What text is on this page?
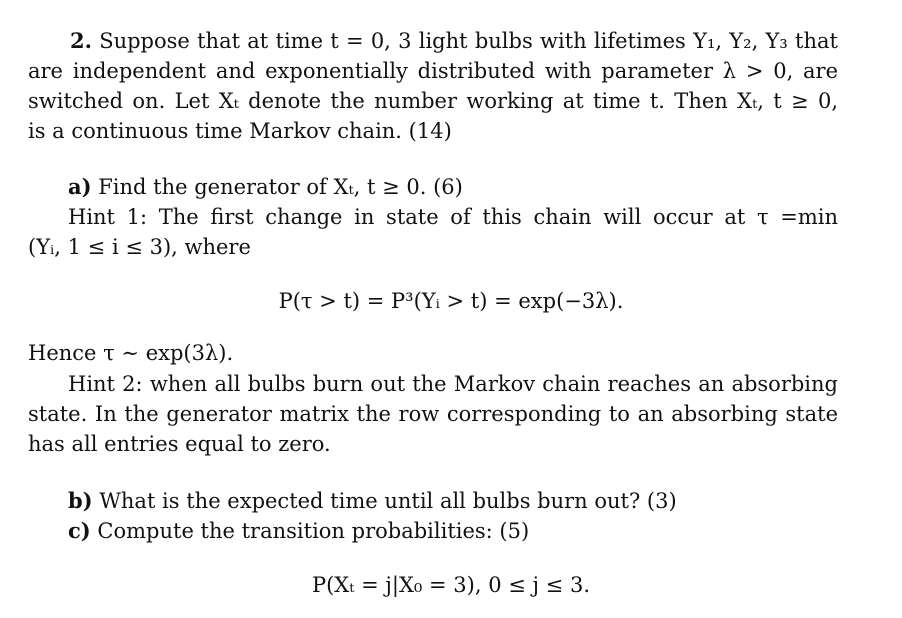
2. Suppose that at time t = 0, 3 light bulbs with lifetimes Y₁, Y₂, Y₃ that
are independent and exponentially distributed with parameter λ > 0, are
switched on. Let Xₜ denote the number working at time t. Then Xₜ, t ≥ 0,
is a continuous time Markov chain. (14)
a) Find the generator of Xₜ, t ≥ 0. (6)
Hint 1: The first change in state of this chain will occur at τ =min
(Yᵢ, 1 ≤ i ≤ 3), where
P(τ > t) = P³(Yᵢ > t) = exp(−3λ).
Hence τ ∼ exp(3λ).
Hint 2: when all bulbs burn out the Markov chain reaches an absorbing
state. In the generator matrix the row corresponding to an absorbing state
has all entries equal to zero.
b) What is the expected time until all bulbs burn out? (3)
c) Compute the transition probabilities: (5)
P(Xₜ = j|X₀ = 3), 0 ≤ j ≤ 3.
